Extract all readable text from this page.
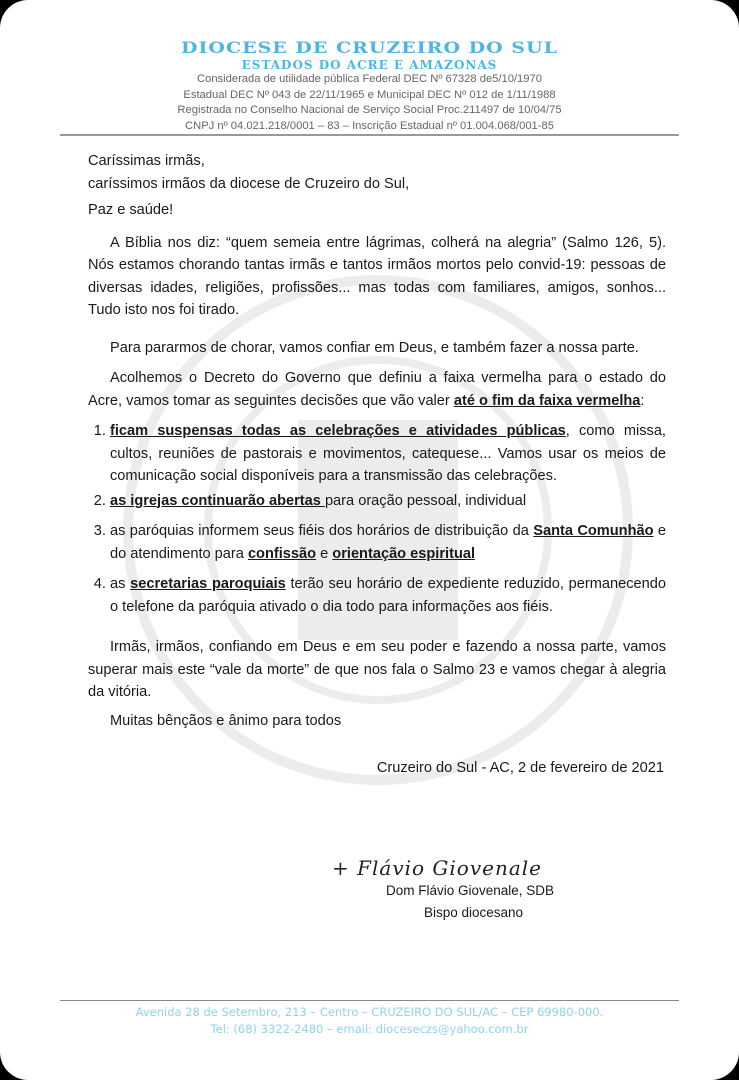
DIOCESE DE CRUZEIRO DO SUL
ESTADOS DO ACRE E AMAZONAS
Considerada de utilidade pública Federal DEC Nº 67328 de5/10/1970
Estadual DEC Nº 043 de 22/11/1965 e Municipal DEC Nº 012 de 1/11/1988
Registrada no Conselho Nacional de Serviço Social Proc.211497 de 10/04/75
CNPJ nº 04.021.218/0001 – 83 – Inscrição Estadual nº 01.004.068/001-85

Caríssimas irmãs,

caríssimos irmãos da diocese de Cruzeiro do Sul,

Paz e saúde!

A Bíblia nos diz: “quem semeia entre lágrimas, colherá na alegria” (Salmo 126, 5). Nós estamos chorando tantas irmãs e tantos irmãos mortos pelo convid-19: pessoas de diversas idades, religiões, profissões... mas todas com familiares, amigos, sonhos... Tudo isto nos foi tirado.

Para pararmos de chorar, vamos confiar em Deus, e também fazer a nossa parte.

Acolhemos o Decreto do Governo que definiu a faixa vermelha para o estado do Acre, vamos tomar as seguintes decisões que vão valer até o fim da faixa vermelha:

1. ficam suspensas todas as celebrações e atividades públicas, como missa, cultos, reuniões de pastorais e movimentos, catequese... Vamos usar os meios de comunicação social disponíveis para a transmissão das celebrações.
2. as igrejas continuarão abertas para oração pessoal, individual
3. as paróquias informem seus fiéis dos horários de distribuição da Santa Comunhão e do atendimento para confissão e orientação espiritual
4. as secretarias paroquiais terão seu horário de expediente reduzido, permanecendo o telefone da paróquia ativado o dia todo para informações aos fiéis.

Irmãs, irmãos, confiando em Deus e em seu poder e fazendo a nossa parte, vamos superar mais este “vale da morte” de que nos fala o Salmo 23 e vamos chegar à alegria da vitória.

Muitas bênçãos e ânimo para todos

Cruzeiro do Sul - AC, 2 de fevereiro de 2021

+ Flávio Giovenale
Dom Flávio Giovenale, SDB
Bispo diocesano
Avenida 28 de Setembro, 213 – Centro – CRUZEIRO DO SUL/AC – CEP 69980-000.
Tel: (68) 3322-2480 – email: dioceseczs@yahoo.com.br
